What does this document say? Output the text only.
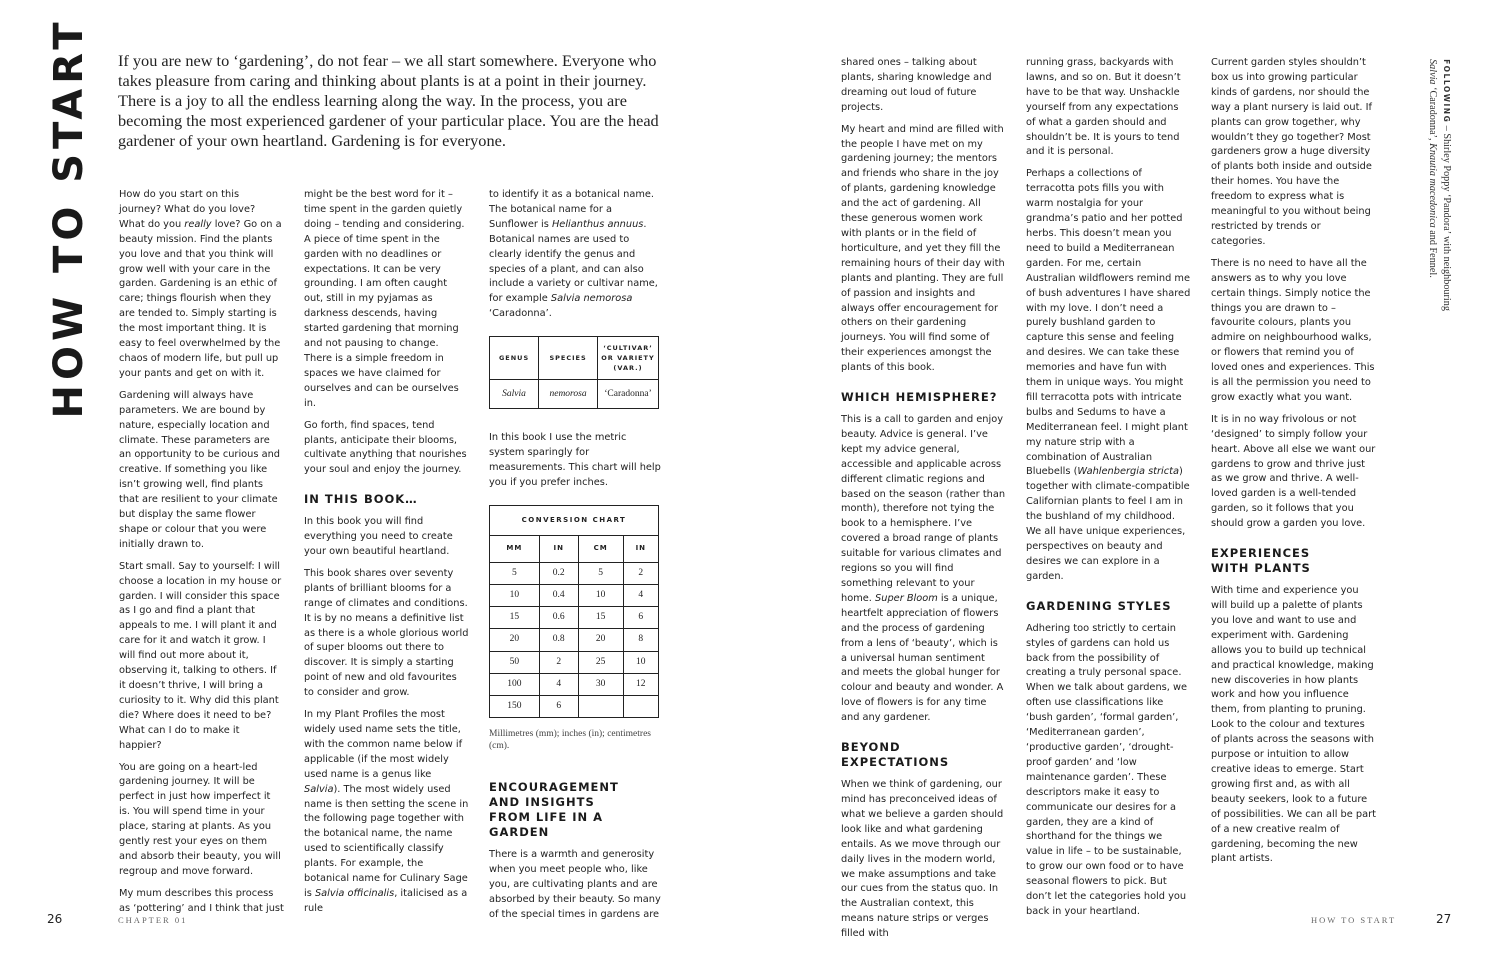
HOW TO START If you are new to ‘gardening’, do not fear – we all start somewhere. Everyone who takes pleasure from caring and thinking about plants is at a point in their journey. There is a joy to all the endless learning along the way. In the process, you are becoming the most experienced gardener of your particular place. You are the head gardener of your own heartland. Gardening is for everyone.

How do you start on this journey? What do you love? What do you really love? Go on a beauty mission. Find the plants you love and that you think will grow well with your care in the garden. Gardening is an ethic of care; things flourish when they are tended to. Simply starting is the most important thing. It is easy to feel overwhelmed by the chaos of modern life, but pull up your pants and get on with it.

Gardening will always have parameters. We are bound by nature, especially location and climate. These parameters are an opportunity to be curious and creative. If something you like isn’t growing well, find plants that are resilient to your climate but display the same flower shape or colour that you were initially drawn to.

Start small. Say to yourself: I will choose a location in my house or garden. I will consider this space as I go and find a plant that appeals to me. I will plant it and care for it and watch it grow. I will find out more about it, observing it, talking to others. If it doesn’t thrive, I will bring a curiosity to it. Why did this plant die? Where does it need to be? What can I do to make it happier?

You are going on a heart-led gardening journey. It will be perfect in just how imperfect it is. You will spend time in your place, staring at plants. As you gently rest your eyes on them and absorb their beauty, you will regroup and move forward.

My mum describes this process as ‘pottering’ and I think that just

might be the best word for it – time spent in the garden quietly doing – tending and considering. A piece of time spent in the garden with no deadlines or expectations. It can be very grounding. I am often caught out, still in my pyjamas as darkness descends, having started gardening that morning and not pausing to change. There is a simple freedom in spaces we have claimed for ourselves and can be ourselves in.

Go forth, find spaces, tend plants, anticipate their blooms, cultivate anything that nourishes your soul and enjoy the journey.

IN THIS BOOK…

In this book you will find everything you need to create your own beautiful heartland.

This book shares over seventy plants of brilliant blooms for a range of climates and conditions. It is by no means a definitive list as there is a whole glorious world of super blooms out there to discover. It is simply a starting point of new and old favourites to consider and grow.

In my Plant Profiles the most widely used name sets the title, with the common name below if applicable (if the most widely used name is a genus like Salvia). The most widely used name is then setting the scene in the following page together with the botanical name, the name used to scientifically classify plants. For example, the botanical name for Culinary Sage is Salvia officinalis, italicised as a rule

to identify it as a botanical name. The botanical name for a Sunflower is Helianthus annuus. Botanical names are used to clearly identify the genus and species of a plant, and can also include a variety or cultivar name, for example Salvia nemorosa ‘Caradonna’.

GENUS	SPECIES	‘CULTIVAR’ OR VARIETY (VAR.)
Salvia	nemorosa	‘Caradonna’

In this book I use the metric system sparingly for measurements. This chart will help you if you prefer inches.

CONVERSION CHART			
MM	IN	CM	IN
5	0.2	5	2
10	0.4	10	4
15	0.6	15	6
20	0.8	20	8
50	2	25	10
100	4	30	12
150	6		
Millimetres (mm); inches (in); centimetres (cm).
ENCOURAGEMENT AND INSIGHTS FROM LIFE IN A GARDEN

There is a warmth and generosity when you meet people who, like you, are cultivating plants and are absorbed by their beauty. So many of the special times in gardens are

26	CHAPTER 01

shared ones – talking about plants, sharing knowledge and dreaming out loud of future projects.

My heart and mind are filled with the people I have met on my gardening journey; the mentors and friends who share in the joy of plants, gardening knowledge and the act of gardening. All these generous women work with plants or in the field of horticulture, and yet they fill the remaining hours of their day with plants and planting. They are full of passion and insights and always offer encouragement for others on their gardening journeys. You will find some of their experiences amongst the plants of this book.

WHICH HEMISPHERE?

This is a call to garden and enjoy beauty. Advice is general. I’ve kept my advice general, accessible and applicable across different climatic regions and based on the season (rather than month), therefore not tying the book to a hemisphere. I’ve covered a broad range of plants suitable for various climates and regions so you will find something relevant to your home. Super Bloom is a unique, heartfelt appreciation of flowers and the process of gardening from a lens of ‘beauty’, which is a universal human sentiment and meets the global hunger for colour and beauty and wonder. A love of flowers is for any time and any gardener.

BEYOND EXPECTATIONS

When we think of gardening, our mind has preconceived ideas of what we believe a garden should look like and what gardening entails. As we move through our daily lives in the modern world, we make assumptions and take our cues from the status quo. In the Australian context, this means nature strips or verges filled with

running grass, backyards with lawns, and so on. But it doesn’t have to be that way. Unshackle yourself from any expectations of what a garden should and shouldn’t be. It is yours to tend and it is personal.

Perhaps a collections of terracotta pots fills you with warm nostalgia for your grandma’s patio and her potted herbs. This doesn’t mean you need to build a Mediterranean garden. For me, certain Australian wildflowers remind me of bush adventures I have shared with my love. I don’t need a purely bushland garden to capture this sense and feeling and desires. We can take these memories and have fun with them in unique ways. You might fill terracotta pots with intricate bulbs and Sedums to have a Mediterranean feel. I might plant my nature strip with a combination of Australian Bluebells (Wahlenbergia stricta) together with climate-compatible Californian plants to feel I am in the bushland of my childhood. We all have unique experiences, perspectives on beauty and desires we can explore in a garden.

GARDENING STYLES

Adhering too strictly to certain styles of gardens can hold us back from the possibility of creating a truly personal space. When we talk about gardens, we often use classifications like ‘bush garden’, ‘formal garden’, ‘Mediterranean garden’, ‘productive garden’, ‘drought-proof garden’ and ‘low maintenance garden’. These descriptors make it easy to communicate our desires for a garden, they are a kind of shorthand for the things we value in life – to be sustainable, to grow our own food or to have seasonal flowers to pick. But don’t let the categories hold you back in your heartland.

Current garden styles shouldn’t box us into growing particular kinds of gardens, nor should the way a plant nursery is laid out. If plants can grow together, why wouldn’t they go together? Most gardeners grow a huge diversity of plants both inside and outside their homes. You have the freedom to express what is meaningful to you without being restricted by trends or categories.

There is no need to have all the answers as to why you love certain things. Simply notice the things you are drawn to – favourite colours, plants you admire on neighbourhood walks, or flowers that remind you of loved ones and experiences. This is all the permission you need to grow exactly what you want.

It is in no way frivolous or not ‘designed’ to simply follow your heart. Above all else we want our gardens to grow and thrive just as we grow and thrive. A well-loved garden is a well-tended garden, so it follows that you should grow a garden you love.

EXPERIENCES WITH PLANTS

With time and experience you will build up a palette of plants you love and want to use and experiment with. Gardening allows you to build up technical and practical knowledge, making new discoveries in how plants work and how you influence them, from planting to pruning. Look to the colour and textures of plants across the seasons with purpose or intuition to allow creative ideas to emerge. Start growing first and, as with all beauty seekers, look to a future of possibilities. We can all be part of a new creative realm of gardening, becoming the new plant artists.

FOLLOWING – Shirley Poppy ‘Pandora’ with neighbouring
Salvia ‘Caradonna’, Knautia macedonica and Fennel.
HOW TO START	27
